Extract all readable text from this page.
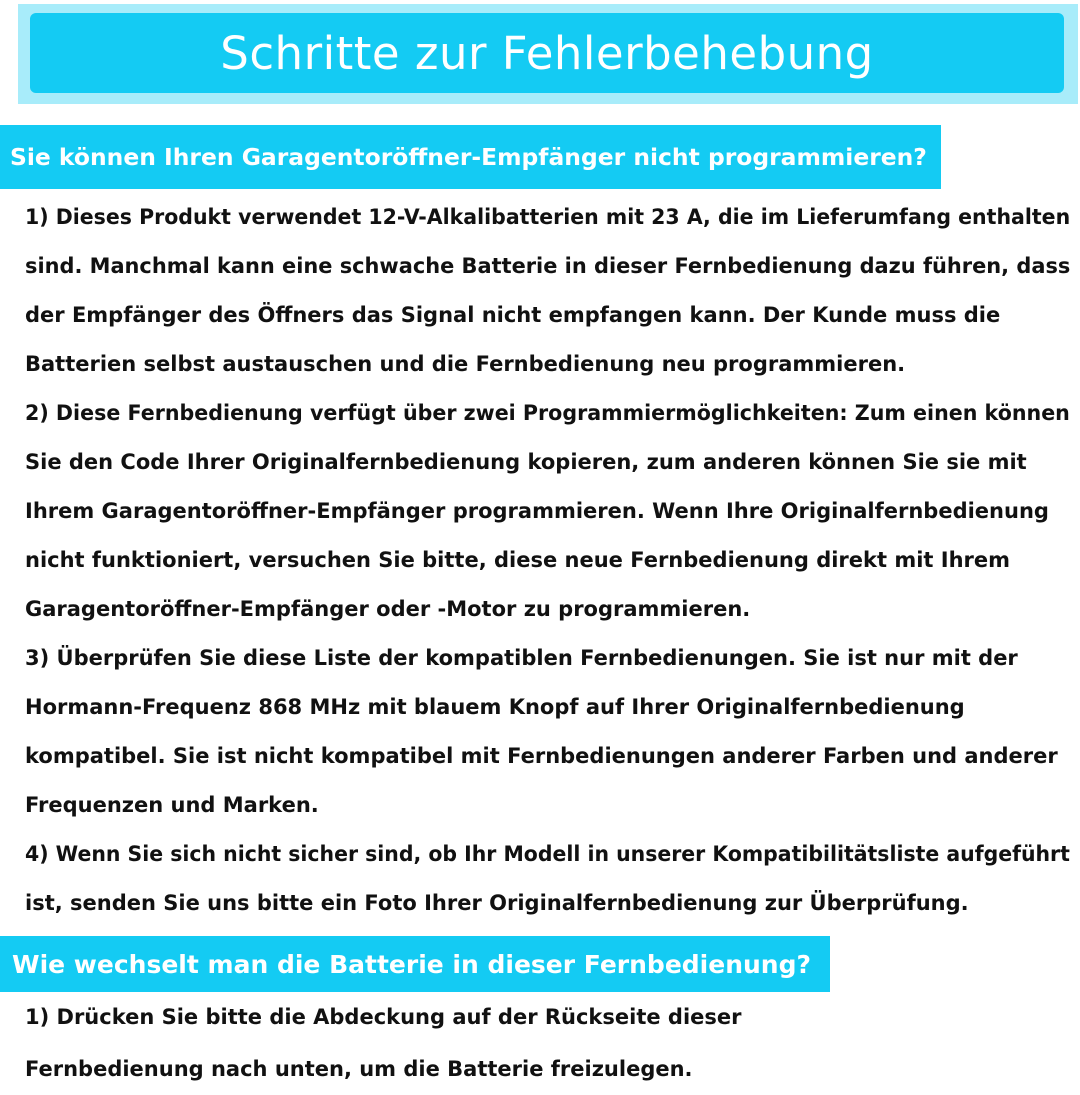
Schritte zur Fehlerbehebung
Sie können Ihren Garagentoröffner-Empfänger nicht programmieren?
1) Dieses Produkt verwendet 12-V-Alkalibatterien mit 23 A, die im Lieferumfang enthalten
sind. Manchmal kann eine schwache Batterie in dieser Fernbedienung dazu führen, dass
der Empfänger des Öffners das Signal nicht empfangen kann. Der Kunde muss die
Batterien selbst austauschen und die Fernbedienung neu programmieren.
2) Diese Fernbedienung verfügt über zwei Programmiermöglichkeiten: Zum einen können
Sie den Code Ihrer Originalfernbedienung kopieren, zum anderen können Sie sie mit
Ihrem Garagentoröffner-Empfänger programmieren. Wenn Ihre Originalfernbedienung
nicht funktioniert, versuchen Sie bitte, diese neue Fernbedienung direkt mit Ihrem
Garagentoröffner-Empfänger oder -Motor zu programmieren.
3) Überprüfen Sie diese Liste der kompatiblen Fernbedienungen. Sie ist nur mit der
Hormann-Frequenz 868 MHz mit blauem Knopf auf Ihrer Originalfernbedienung
kompatibel. Sie ist nicht kompatibel mit Fernbedienungen anderer Farben und anderer
Frequenzen und Marken.
4) Wenn Sie sich nicht sicher sind, ob Ihr Modell in unserer Kompatibilitätsliste aufgeführt
ist, senden Sie uns bitte ein Foto Ihrer Originalfernbedienung zur Überprüfung.
Wie wechselt man die Batterie in dieser Fernbedienung?
1) Drücken Sie bitte die Abdeckung auf der Rückseite dieser
Fernbedienung nach unten, um die Batterie freizulegen.
